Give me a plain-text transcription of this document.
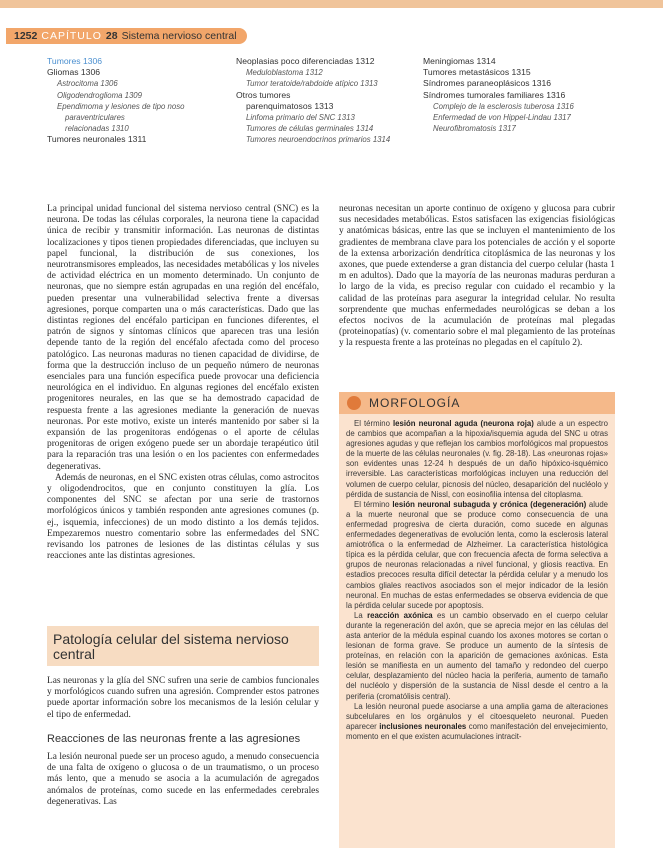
1252 CAPÍTULO 28 Sistema nervioso central
Tumores 1306
Gliomas 1306
Astrocitoma 1306
Oligodendroglioma 1309
Ependimoma y lesiones de tipo noso
paraventriculares
relacionadas 1310
Tumores neuronales 1311
Neoplasias poco diferenciadas 1312
Meduloblastoma 1312
Tumor teratoide/rabdoide atípico 1313
Otros tumores
parenquimatosos 1313
Linfoma primario del SNC 1313
Tumores de células germinales 1314
Tumores neuroendocrinos primarios 1314
Meningiomas 1314
Tumores metastásicos 1315
Síndromes paraneoplásicos 1316
Síndromes tumorales familiares 1316
Complejo de la esclerosis tuberosa 1316
Enfermedad de von Hippel-Lindau 1317
Neurofibromatosis 1317

La principal unidad funcional del sistema nervioso central (SNC) es la neurona. De todas las células corporales, la neurona tiene la capacidad única de recibir y transmitir información. Las neuronas de distintas localizaciones y tipos tienen propiedades diferenciadas, que incluyen su papel funcional, la distribución de sus conexiones, los neurotransmisores empleados, las necesidades metabólicas y los niveles de actividad eléctrica en un momento determinado. Un conjunto de neuronas, que no siempre están agrupadas en una región del encéfalo, pueden presentar una vulnerabilidad selectiva frente a diversas agresiones, porque comparten una o más características. Dado que las distintas regiones del encéfalo participan en funciones diferentes, el patrón de signos y síntomas clínicos que aparecen tras una lesión depende tanto de la región del encéfalo afectada como del proceso patológico. Las neuronas maduras no tienen capacidad de dividirse, de forma que la destrucción incluso de un pequeño número de neuronas esenciales para una función específica puede provocar una deficiencia neurológica en el individuo. En algunas regiones del encéfalo existen progenitores neurales, en las que se ha demostrado capacidad de respuesta frente a las agresiones mediante la generación de nuevas neuronas. Por este motivo, existe un interés mantenido por saber si la expansión de las progenitoras endógenas o el aporte de células progenitoras de origen exógeno puede ser un abordaje terapéutico útil para la reparación tras una lesión o en los pacientes con enfermedades degenerativas.

Además de neuronas, en el SNC existen otras células, como astrocitos y oligodendrocitos, que en conjunto constituyen la glía. Los componentes del SNC se afectan por una serie de trastornos morfológicos únicos y también responden ante agresiones comunes (p. ej., isquemia, infecciones) de un modo distinto a los demás tejidos. Empezaremos nuestro comentario sobre las enfermedades del SNC revisando los patrones de lesiones de las distintas células y sus reacciones ante las distintas agresiones.

Patología celular del sistema nervioso central
Las neuronas y la glía del SNC sufren una serie de cambios funcionales y morfológicos cuando sufren una agresión. Comprender estos patrones puede aportar información sobre los mecanismos de la lesión celular y el tipo de enfermedad.
Reacciones de las neuronas frente a las agresiones
La lesión neuronal puede ser un proceso agudo, a menudo consecuencia de una falta de oxígeno o glucosa o de un traumatismo, o un proceso más lento, que a menudo se asocia a la acumulación de agregados anómalos de proteínas, como sucede en las enfermedades cerebrales degenerativas. Las

neuronas necesitan un aporte continuo de oxígeno y glucosa para cubrir sus necesidades metabólicas. Estos satisfacen las exigencias fisiológicas y anatómicas básicas, entre las que se incluyen el mantenimiento de los gradientes de membrana clave para los potenciales de acción y el soporte de la extensa arborización dendrítica citoplásmica de las neuronas y los axones, que puede extenderse a gran distancia del cuerpo celular (hasta 1 m en adultos). Dado que la mayoría de las neuronas maduras perduran a lo largo de la vida, es preciso regular con cuidado el recambio y la calidad de las proteínas para asegurar la integridad celular. No resulta sorprendente que muchas enfermedades neurológicas se deban a los efectos nocivos de la acumulación de proteínas mal plegadas (proteinopatías) (v. comentario sobre el mal plegamiento de las proteínas y la respuesta frente a las proteínas no plegadas en el capítulo 2).

MORFOLOGÍA

El término lesión neuronal aguda (neurona roja) alude a un espectro de cambios que acompañan a la hipoxia/isquemia aguda del SNC u otras agresiones agudas y que reflejan los cambios morfológicos mal propuestos de la muerte de las células neuronales (v. fig. 28-18). Las «neuronas rojas» son evidentes unas 12-24 h después de un daño hipóxico-isquémico irreversible. Las características morfológicas incluyen una reducción del volumen de cuerpo celular, picnosis del núcleo, desaparición del nucléolo y pérdida de sustancia de Nissl, con eosinofilia intensa del citoplasma.

El término lesión neuronal subaguda y crónica (degeneración) alude a la muerte neuronal que se produce como consecuencia de una enfermedad progresiva de cierta duración, como sucede en algunas enfermedades degenerativas de evolución lenta, como la esclerosis lateral amiotrófica o la enfermedad de Alzheimer. La característica histológica típica es la pérdida celular, que con frecuencia afecta de forma selectiva a grupos de neuronas relacionadas a nivel funcional, y gliosis reactiva. En estadios precoces resulta difícil detectar la pérdida celular y a menudo los cambios gliales reactivos asociados son el mejor indicador de la lesión neuronal. En muchas de estas enfermedades se observa evidencia de que la pérdida celular sucede por apoptosis.

La reacción axónica es un cambio observado en el cuerpo celular durante la regeneración del axón, que se aprecia mejor en las células del asta anterior de la médula espinal cuando los axones motores se cortan o lesionan de forma grave. Se produce un aumento de la síntesis de proteínas, en relación con la aparición de gemaciones axónicas. Esta lesión se manifiesta en un aumento del tamaño y redondeo del cuerpo celular, desplazamiento del núcleo hacia la periferia, aumento de tamaño del nucléolo y dispersión de la sustancia de Nissl desde el centro a la periferia (cromatólisis central).

La lesión neuronal puede asociarse a una amplia gama de alteraciones subcelulares en los orgánulos y el citoesqueleto neuronal. Pueden aparecer inclusiones neuronales como manifestación del envejecimiento, momento en el que existen acumulaciones intracit-
